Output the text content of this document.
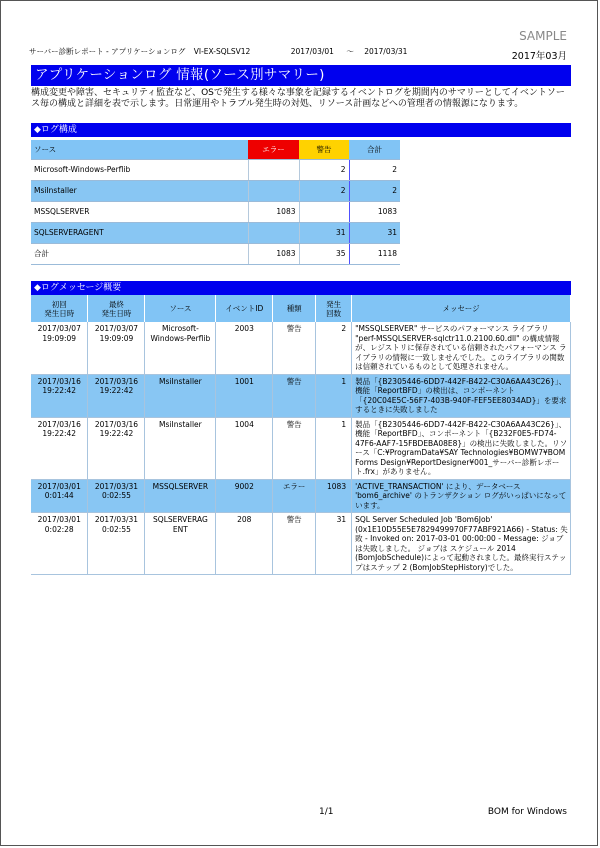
SAMPLE
サーバー診断レポート - アプリケーションログ VI-EX-SQLSV12	2017/03/01 ～ 2017/03/31	2017年03月
アプリケーションログ 情報(ソース別サマリー)
構成変更や障害、セキュリティ監査など、OSで発生する様々な事象を記録するイベントログを期間内のサマリーとしてイベントソース毎の構成と詳細を表で示します。日常運用やトラブル発生時の対処、リソース計画などへの管理者の情報源になります。
◆ログ構成
ソース	エラー	警告	合計
Microsoft-Windows-Perflib		2	2
MsiInstaller		2	2
MSSQLSERVER	1083		1083
SQLSERVERAGENT		31	31
合計	1083	35	1118
◆ログメッセージ概要
初回
発生日時	最終
発生日時	ソース	イベントID	種類	発生
回数	メッセージ
2017/03/07
19:09:09	2017/03/07
19:09:09	Microsoft-
Windows-Perflib	2003	警告	2	"MSSQLSERVER" サービスのパフォーマンス ライブラリ "perf-MSSQLSERVER-sqlctr11.0.2100.60.dll" の構成情報が、レジストリに保存されている信頼されたパフォーマンス ライブラリの情報に一致しませんでした。このライブラリの関数は信頼されているものとして処理されません。
2017/03/16
19:22:42	2017/03/16
19:22:42	MsiInstaller	1001	警告	1	製品「{B2305446-6DD7-442F-B422-C30A6AA43C26}」、機能「ReportBFD」の検出は、コンポーネント「{20C04E5C-56F7-403B-940F-FEF5EE8034AD}」を要求するときに失敗しました
2017/03/16
19:22:42	2017/03/16
19:22:42	MsiInstaller	1004	警告	1	製品「{B2305446-6DD7-442F-B422-C30A6AA43C26}」、機能「ReportBFD」、コンポーネント「{B232F0E5-FD74-47F6-AAF7-15FBDEBA08E8}」の検出に失敗しました。リソース「C:¥ProgramData¥SAY Technologies¥BOMW7¥BOM Forms Design¥ReportDesigner¥001_サーバー診断レポート.frx」がありません。
2017/03/01
0:01:44	2017/03/31
0:02:55	MSSQLSERVER	9002	エラー	1083	'ACTIVE_TRANSACTION' により、データベース 'bom6_archive' のトランザクション ログがいっぱいになっています。
2017/03/01
0:02:28	2017/03/31
0:02:55	SQLSERVERAG
ENT	208	警告	31	SQL Server Scheduled Job 'Bom6Job' (0x1E10D55E5E7829499970F77ABF921A66) - Status: 失敗 - Invoked on: 2017-03-01 00:00:00 - Message: ジョブは失敗しました。 ジョブは スケジュール 2014 (BomJobSchedule)によって起動されました。最終実行ステップはステップ 2 (BomJobStepHistory)でした。
1/1	BOM for Windows
